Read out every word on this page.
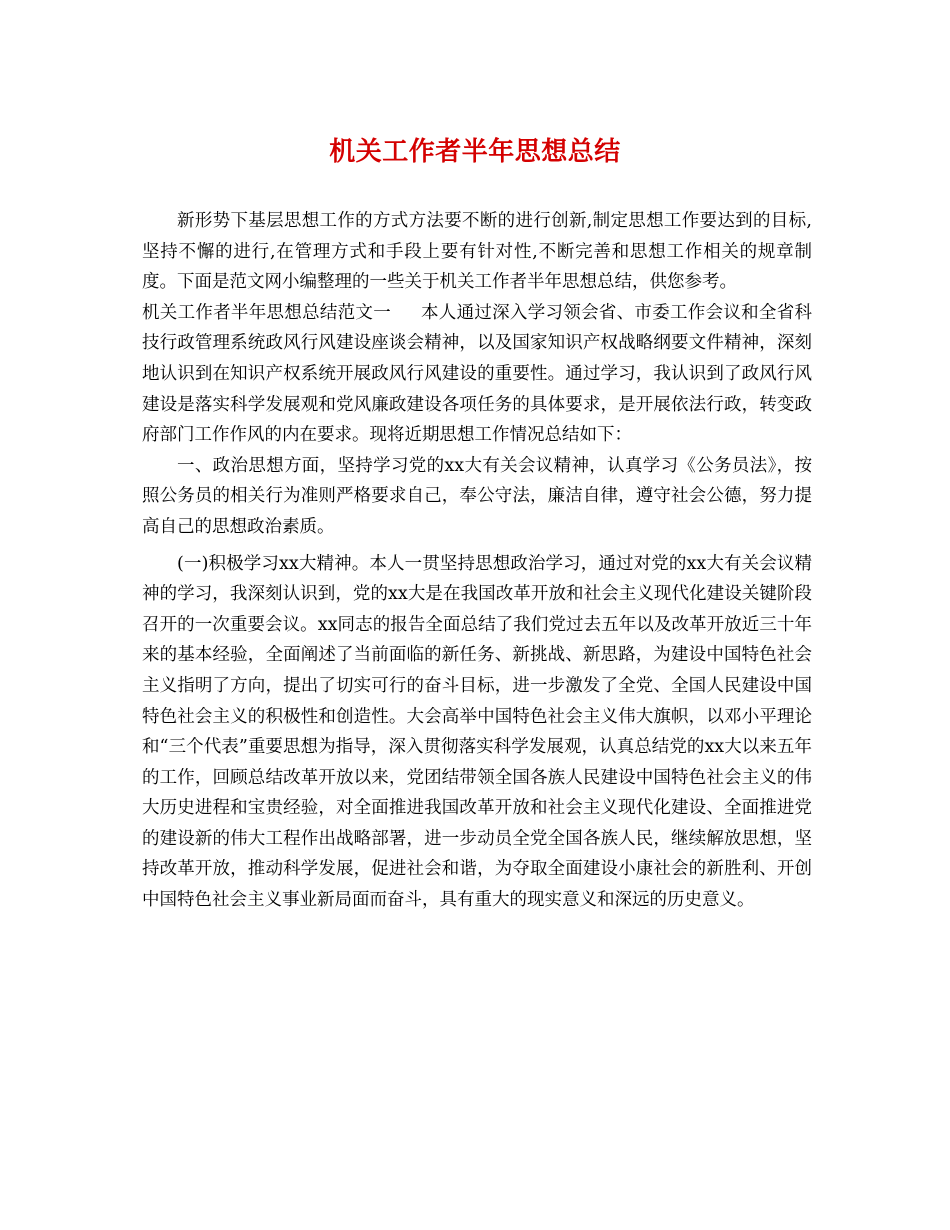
机关工作者半年思想总结

新形势下基层思想工作的方式方法要不断的进行创新,制定思想工作要达到的目标,坚持不懈的进行,在管理方式和手段上要有针对性,不断完善和思想工作相关的规章制度。下面是范文网小编整理的一些关于机关工作者半年思想总结，供您参考。

机关工作者半年思想总结范文一 本人通过深入学习领会省、市委工作会议和全省科技行政管理系统政风行风建设座谈会精神，以及国家知识产权战略纲要文件精神，深刻地认识到在知识产权系统开展政风行风建设的重要性。通过学习，我认识到了政风行风建设是落实科学发展观和党风廉政建设各项任务的具体要求，是开展依法行政，转变政府部门工作作风的内在要求。现将近期思想工作情况总结如下：

一、政治思想方面，坚持学习党的xx大有关会议精神，认真学习《公务员法》，按照公务员的相关行为准则严格要求自己，奉公守法，廉洁自律，遵守社会公德，努力提高自己的思想政治素质。

(一)积极学习xx大精神。本人一贯坚持思想政治学习，通过对党的xx大有关会议精神的学习，我深刻认识到，党的xx大是在我国改革开放和社会主义现代化建设关键阶段召开的一次重要会议。xx同志的报告全面总结了我们党过去五年以及改革开放近三十年来的基本经验，全面阐述了当前面临的新任务、新挑战、新思路，为建设中国特色社会主义指明了方向，提出了切实可行的奋斗目标，进一步激发了全党、全国人民建设中国特色社会主义的积极性和创造性。大会高举中国特色社会主义伟大旗帜，以邓小平理论和“三个代表”重要思想为指导，深入贯彻落实科学发展观，认真总结党的xx大以来五年的工作，回顾总结改革开放以来，党团结带领全国各族人民建设中国特色社会主义的伟大历史进程和宝贵经验，对全面推进我国改革开放和社会主义现代化建设、全面推进党的建设新的伟大工程作出战略部署，进一步动员全党全国各族人民，继续解放思想，坚持改革开放，推动科学发展，促进社会和谐，为夺取全面建设小康社会的新胜利、开创中国特色社会主义事业新局面而奋斗，具有重大的现实意义和深远的历史意义。
